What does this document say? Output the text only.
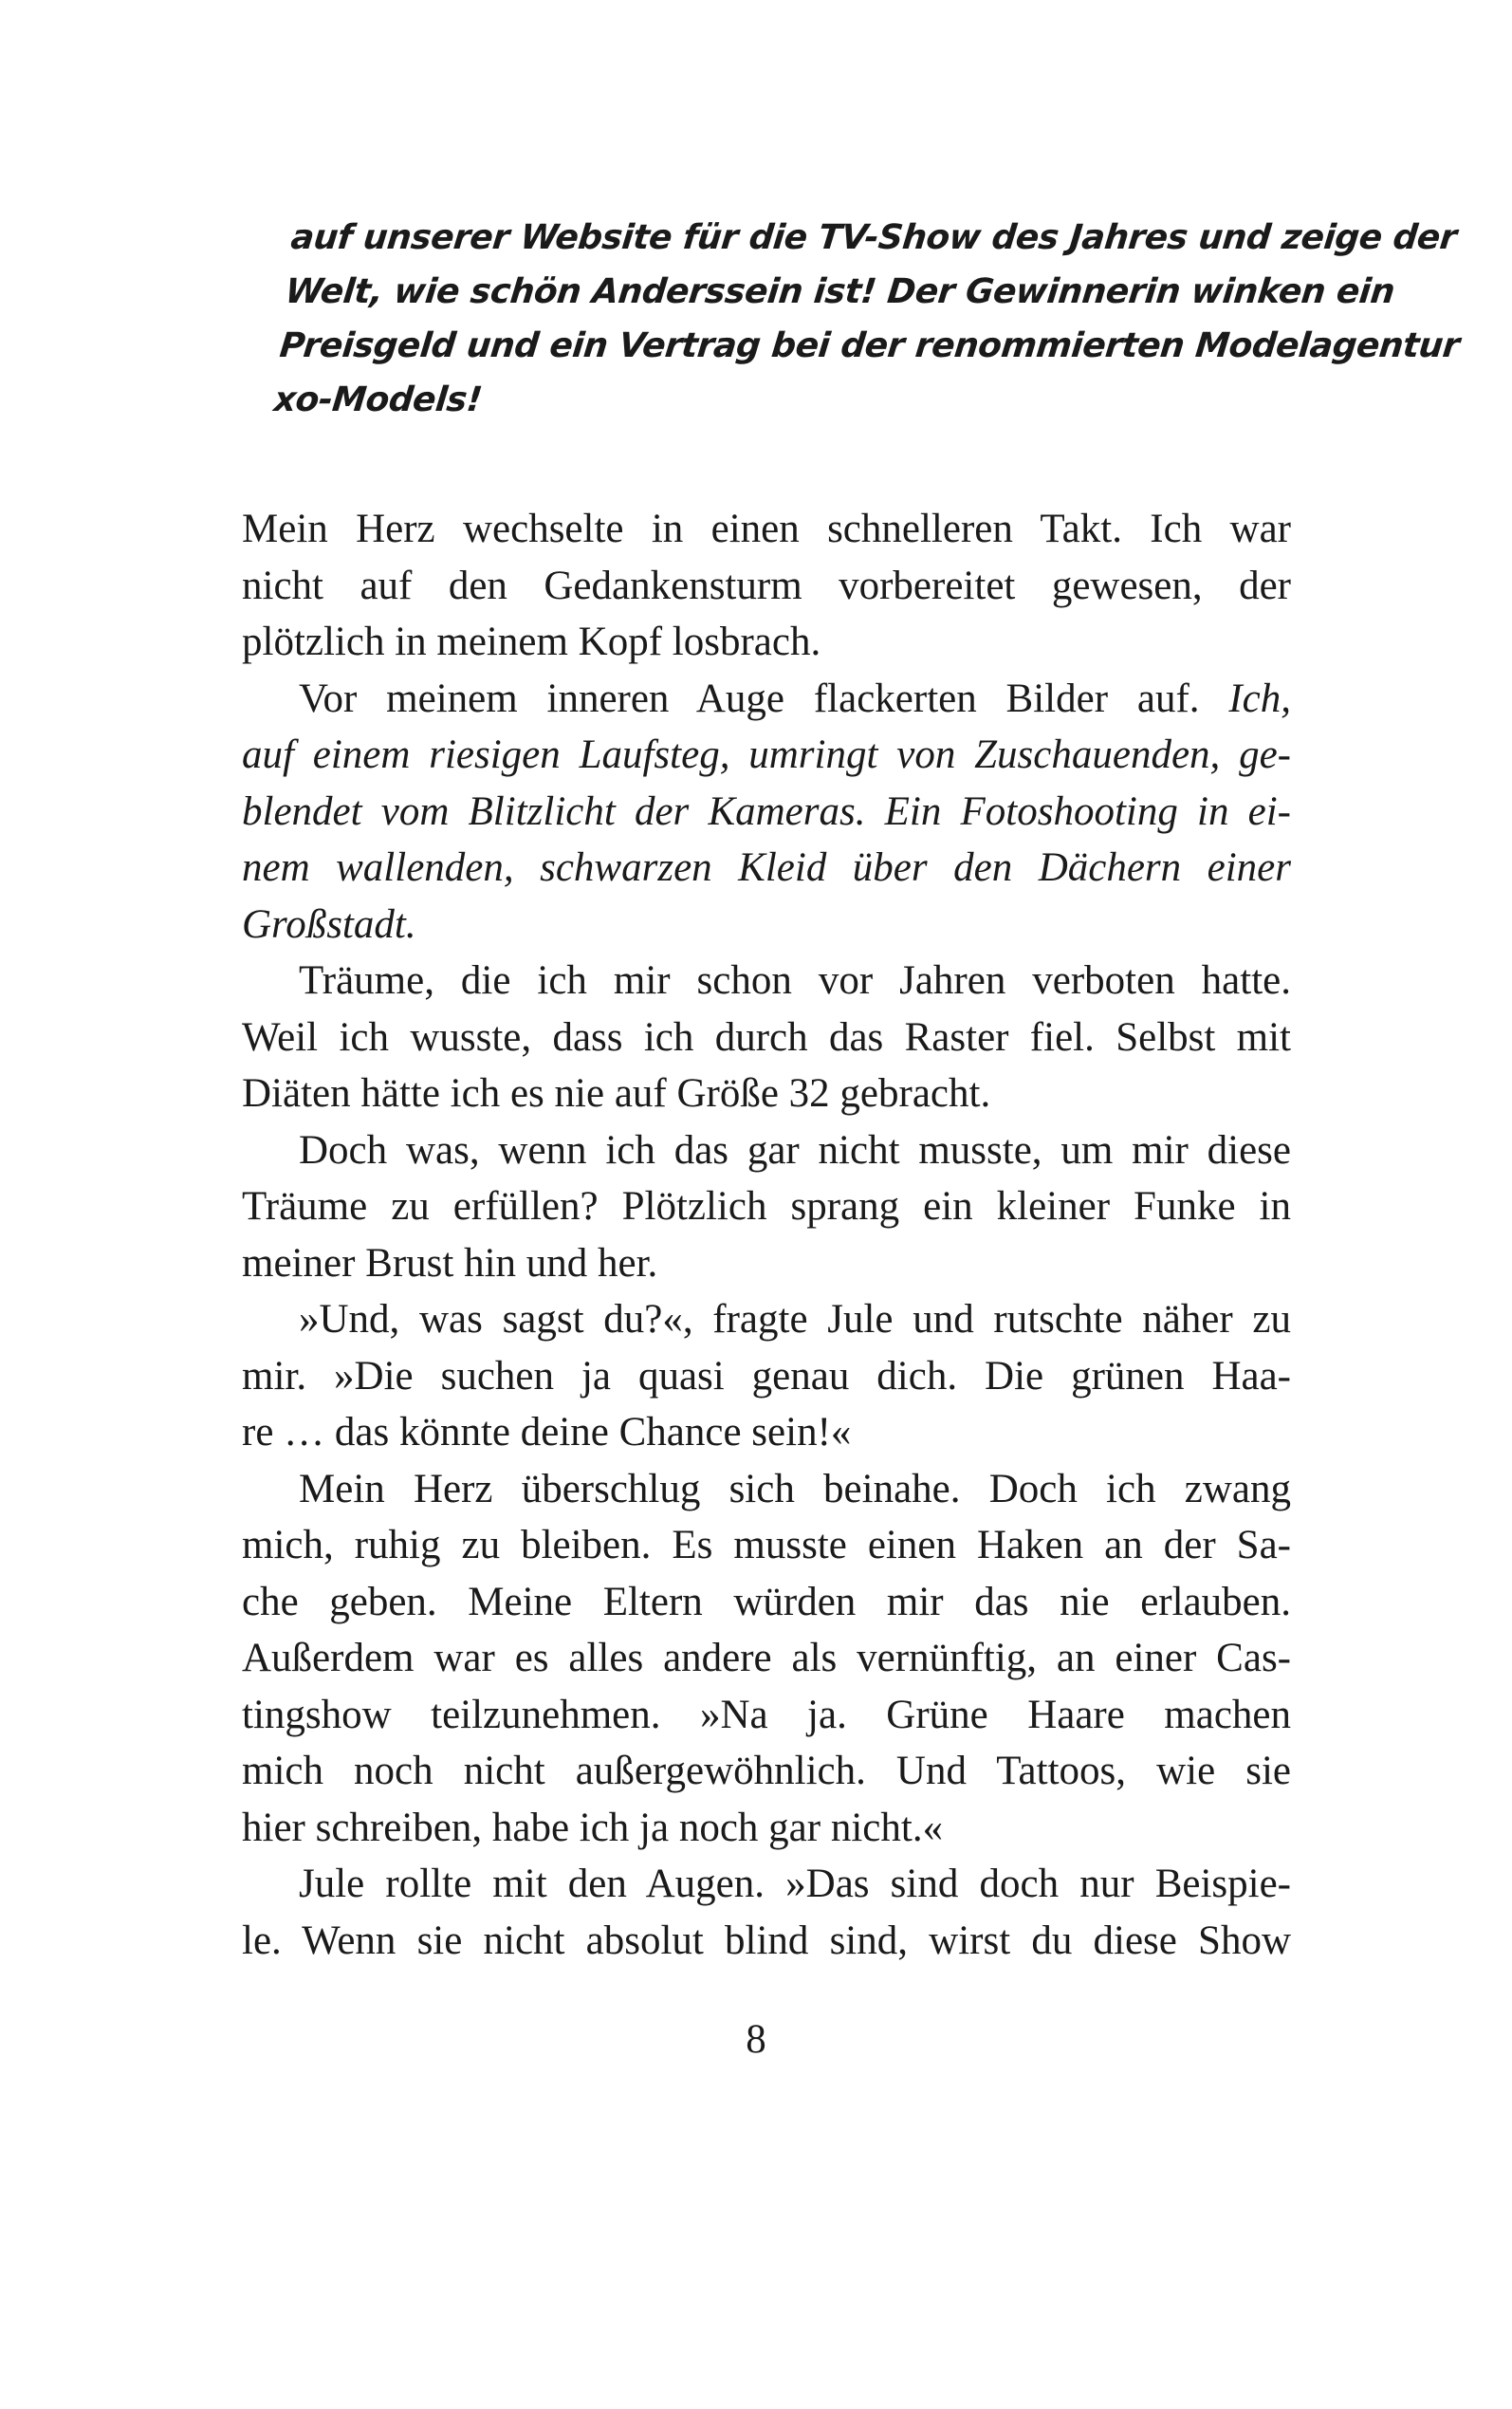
auf unserer Website für die TV-Show des Jahres und zeige der
Welt, wie schön Anderssein ist! Der Gewinnerin winken ein
Preisgeld und ein Vertrag bei der renommierten Modelagentur
xo-Models!
Mein Herz wechselte in einen schnelleren Takt. Ich war
nicht auf den Gedankensturm vorbereitet gewesen, der
plötzlich in meinem Kopf losbrach.
Vor meinem inneren Auge flackerten Bilder auf. Ich,
auf einem riesigen Laufsteg, umringt von Zuschauenden, ge-
blendet vom Blitzlicht der Kameras. Ein Fotoshooting in ei-
nem wallenden, schwarzen Kleid über den Dächern einer
Großstadt.
Träume, die ich mir schon vor Jahren verboten hatte.
Weil ich wusste, dass ich durch das Raster fiel. Selbst mit
Diäten hätte ich es nie auf Größe 32 gebracht.
Doch was, wenn ich das gar nicht musste, um mir diese
Träume zu erfüllen? Plötzlich sprang ein kleiner Funke in
meiner Brust hin und her.
»Und, was sagst du?«, fragte Jule und rutschte näher zu
mir. »Die suchen ja quasi genau dich. Die grünen Haa-
re … das könnte deine Chance sein!«
Mein Herz überschlug sich beinahe. Doch ich zwang
mich, ruhig zu bleiben. Es musste einen Haken an der Sa-
che geben. Meine Eltern würden mir das nie erlauben.
Außerdem war es alles andere als vernünftig, an einer Cas-
tingshow teilzunehmen. »Na ja. Grüne Haare machen
mich noch nicht außergewöhnlich. Und Tattoos, wie sie
hier schreiben, habe ich ja noch gar nicht.«
Jule rollte mit den Augen. »Das sind doch nur Beispie-
le. Wenn sie nicht absolut blind sind, wirst du diese Show
8
